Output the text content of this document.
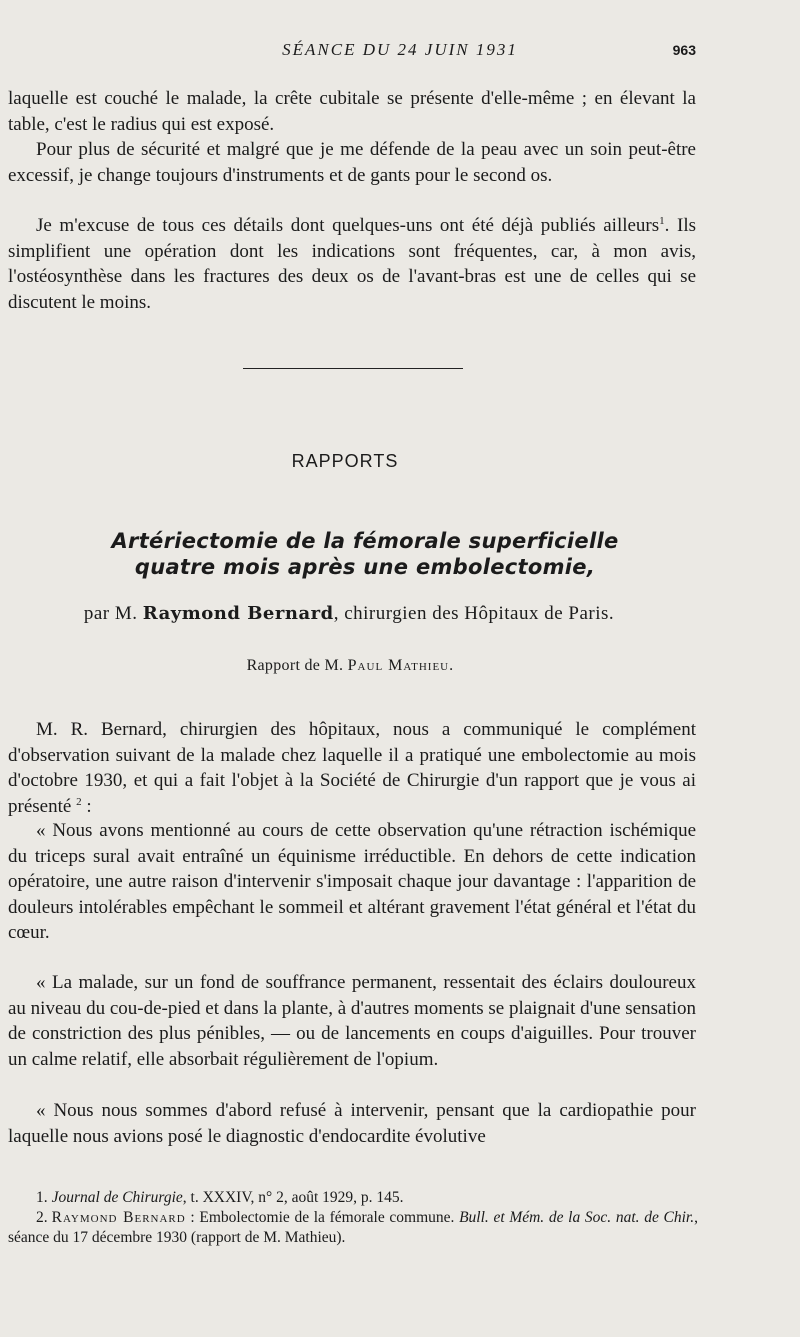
SÉANCE DU 24 JUIN 1931	963

laquelle est couché le malade, la crête cubitale se présente d'elle-même ; en élevant la table, c'est le radius qui est exposé.

Pour plus de sécurité et malgré que je me défende de la peau avec un soin peut-être excessif, je change toujours d'instruments et de gants pour le second os.

Je m'excuse de tous ces détails dont quelques-uns ont été déjà publiés ailleurs$^1$. Ils simplifient une opération dont les indications sont fréquentes, car, à mon avis, l'ostéosynthèse dans les fractures des deux os de l'avant-bras est une de celles qui se discutent le moins.

RAPPORTS
Artériectomie de la fémorale superficielle
quatre mois après une embolectomie,
par M. Raymond Bernard, chirurgien des Hôpitaux de Paris.
Rapport de M. Paul Mathieu.

M. R. Bernard, chirurgien des hôpitaux, nous a communiqué le complément d'observation suivant de la malade chez laquelle il a pratiqué une embolectomie au mois d'octobre 1930, et qui a fait l'objet à la Société de Chirurgie d'un rapport que je vous ai présenté $^2$ :

« Nous avons mentionné au cours de cette observation qu'une rétraction ischémique du triceps sural avait entraîné un équinisme irréductible. En dehors de cette indication opératoire, une autre raison d'intervenir s'imposait chaque jour davantage : l'apparition de douleurs intolérables empêchant le sommeil et altérant gravement l'état général et l'état du cœur.

« La malade, sur un fond de souffrance permanent, ressentait des éclairs douloureux au niveau du cou-de-pied et dans la plante, à d'autres moments se plaignait d'une sensation de constriction des plus pénibles, — ou de lancements en coups d'aiguilles. Pour trouver un calme relatif, elle absorbait régulièrement de l'opium.

« Nous nous sommes d'abord refusé à intervenir, pensant que la cardiopathie pour laquelle nous avions posé le diagnostic d'endocardite évolutive

1. Journal de Chirurgie, t. XXXIV, n° 2, août 1929, p. 145.

2. Raymond Bernard : Embolectomie de la fémorale commune. Bull. et Mém. de la Soc. nat. de Chir., séance du 17 décembre 1930 (rapport de M. Mathieu).
